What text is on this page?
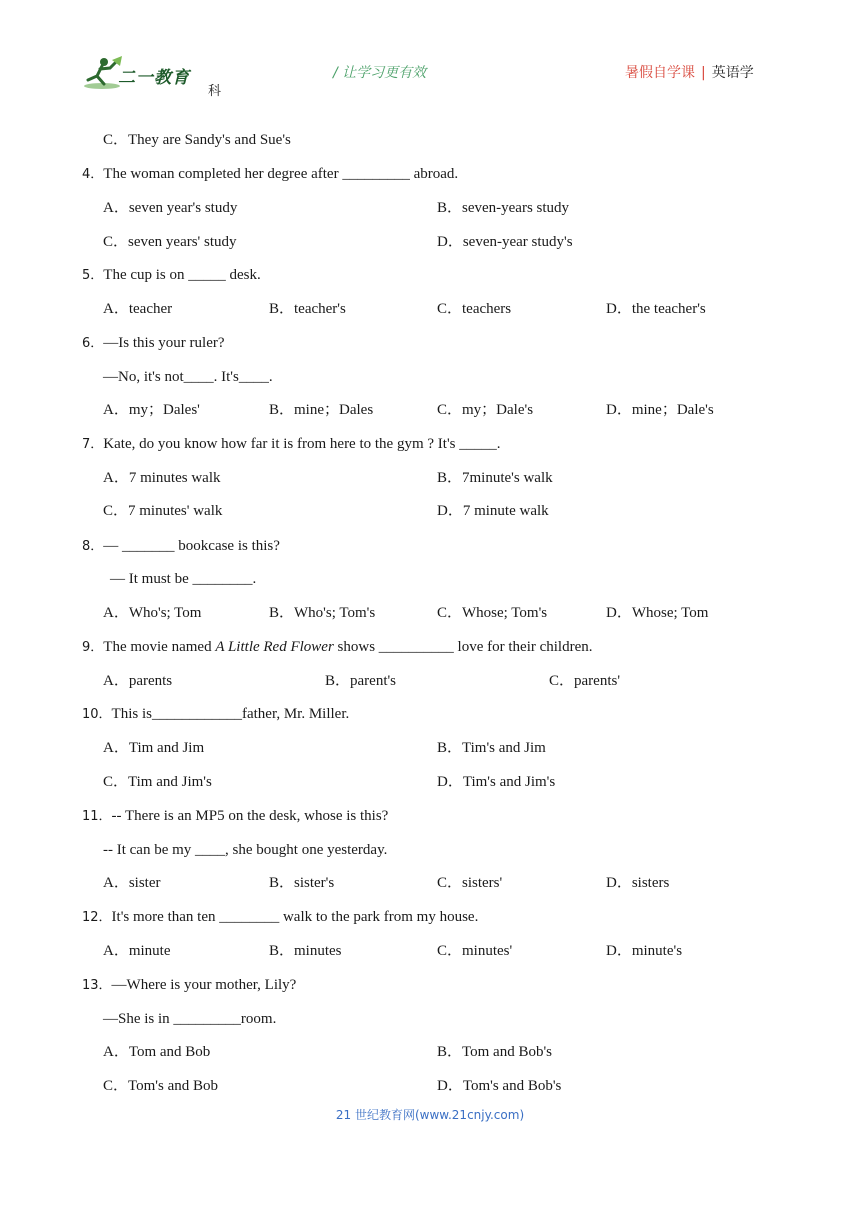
二一教育
科
/ 让学习更有效	暑假自学课 | 英语学
C．They are Sandy's and Sue's
4．The woman completed her degree after _________ abroad.
A．seven year's study	B．seven-years study
C．seven years' study	D．seven-year study's
5．The cup is on _____ desk.
A．teacher	B．teacher's	C．teachers	D．the teacher's
6．—Is this your ruler?
—No, it's not____. It's____.
A．my；Dales'	B．mine；Dales	C．my；Dale's	D．mine；Dale's
7．Kate, do you know how far it is from here to the gym ? It's _____.
A．7 minutes walk	B．7minute's walk
C．7 minutes' walk	D．7 minute walk
8．— _______ bookcase is this?
— It must be ________.
A．Who's; Tom	B．Who's; Tom's	C．Whose; Tom's	D．Whose; Tom
9．The movie named A Little Red Flower shows __________ love for their children.
A．parents	B．parent's	C．parents'
10．This is____________father, Mr. Miller.
A．Tim and Jim	B．Tim's and Jim
C．Tim and Jim's	D．Tim's and Jim's
11．-- There is an MP5 on the desk, whose is this?
-- It can be my ____, she bought one yesterday.
A．sister	B．sister's	C．sisters'	D．sisters
12．It's more than ten ________ walk to the park from my house.
A．minute	B．minutes	C．minutes'	D．minute's
13．—Where is your mother, Lily?
—She is in _________room.
A．Tom and Bob	B．Tom and Bob's
C．Tom's and Bob	D．Tom's and Bob's
21 世纪教育网(www.21cnjy.com)
